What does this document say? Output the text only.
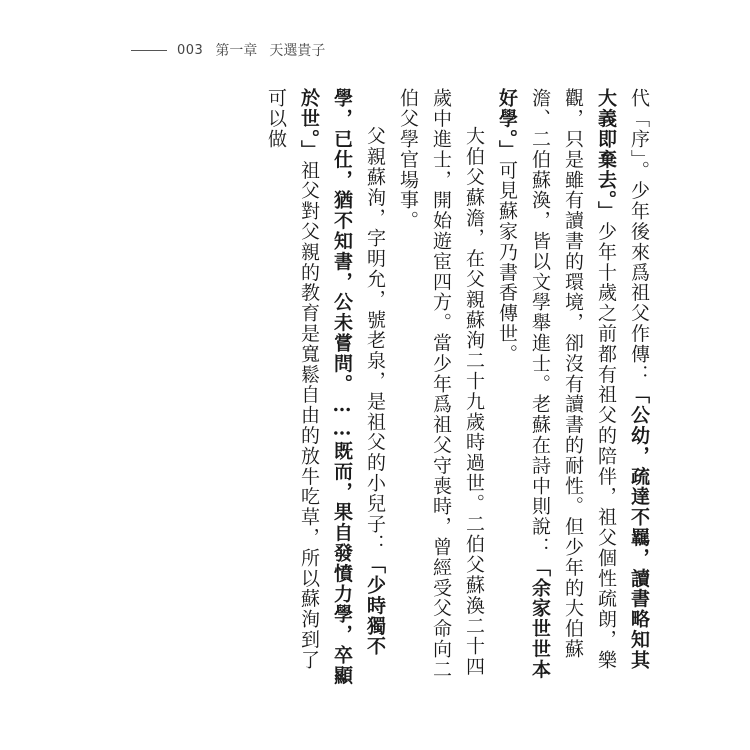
003 第一章 天選貴子

代「序」。少年後來爲祖父作傳：「公幼，疏達不羈，讀書略知其大義即棄去。」少年十歲之前都有祖父的陪伴，祖父個性疏朗，樂觀，只是雖有讀書的環境，卻沒有讀書的耐性。但少年的大伯蘇澹、二伯蘇渙，皆以文學舉進士。老蘇在詩中則說：「余家世世本好學。」可見蘇家乃書香傳世。

大伯父蘇澹，在父親蘇洵二十九歲時過世。二伯父蘇渙二十四歲中進士，開始遊宦四方。當少年爲祖父守喪時，曾經受父命向二伯父學官場事。

父親蘇洵，字明允，號老泉，是祖父的小兒子：「少時獨不學，已仕，猶不知書，公未嘗問。……既而，果自發憤力學，卒顯於世。」祖父對父親的教育是寬鬆自由的放牛吃草，所以蘇洵到了可以做
